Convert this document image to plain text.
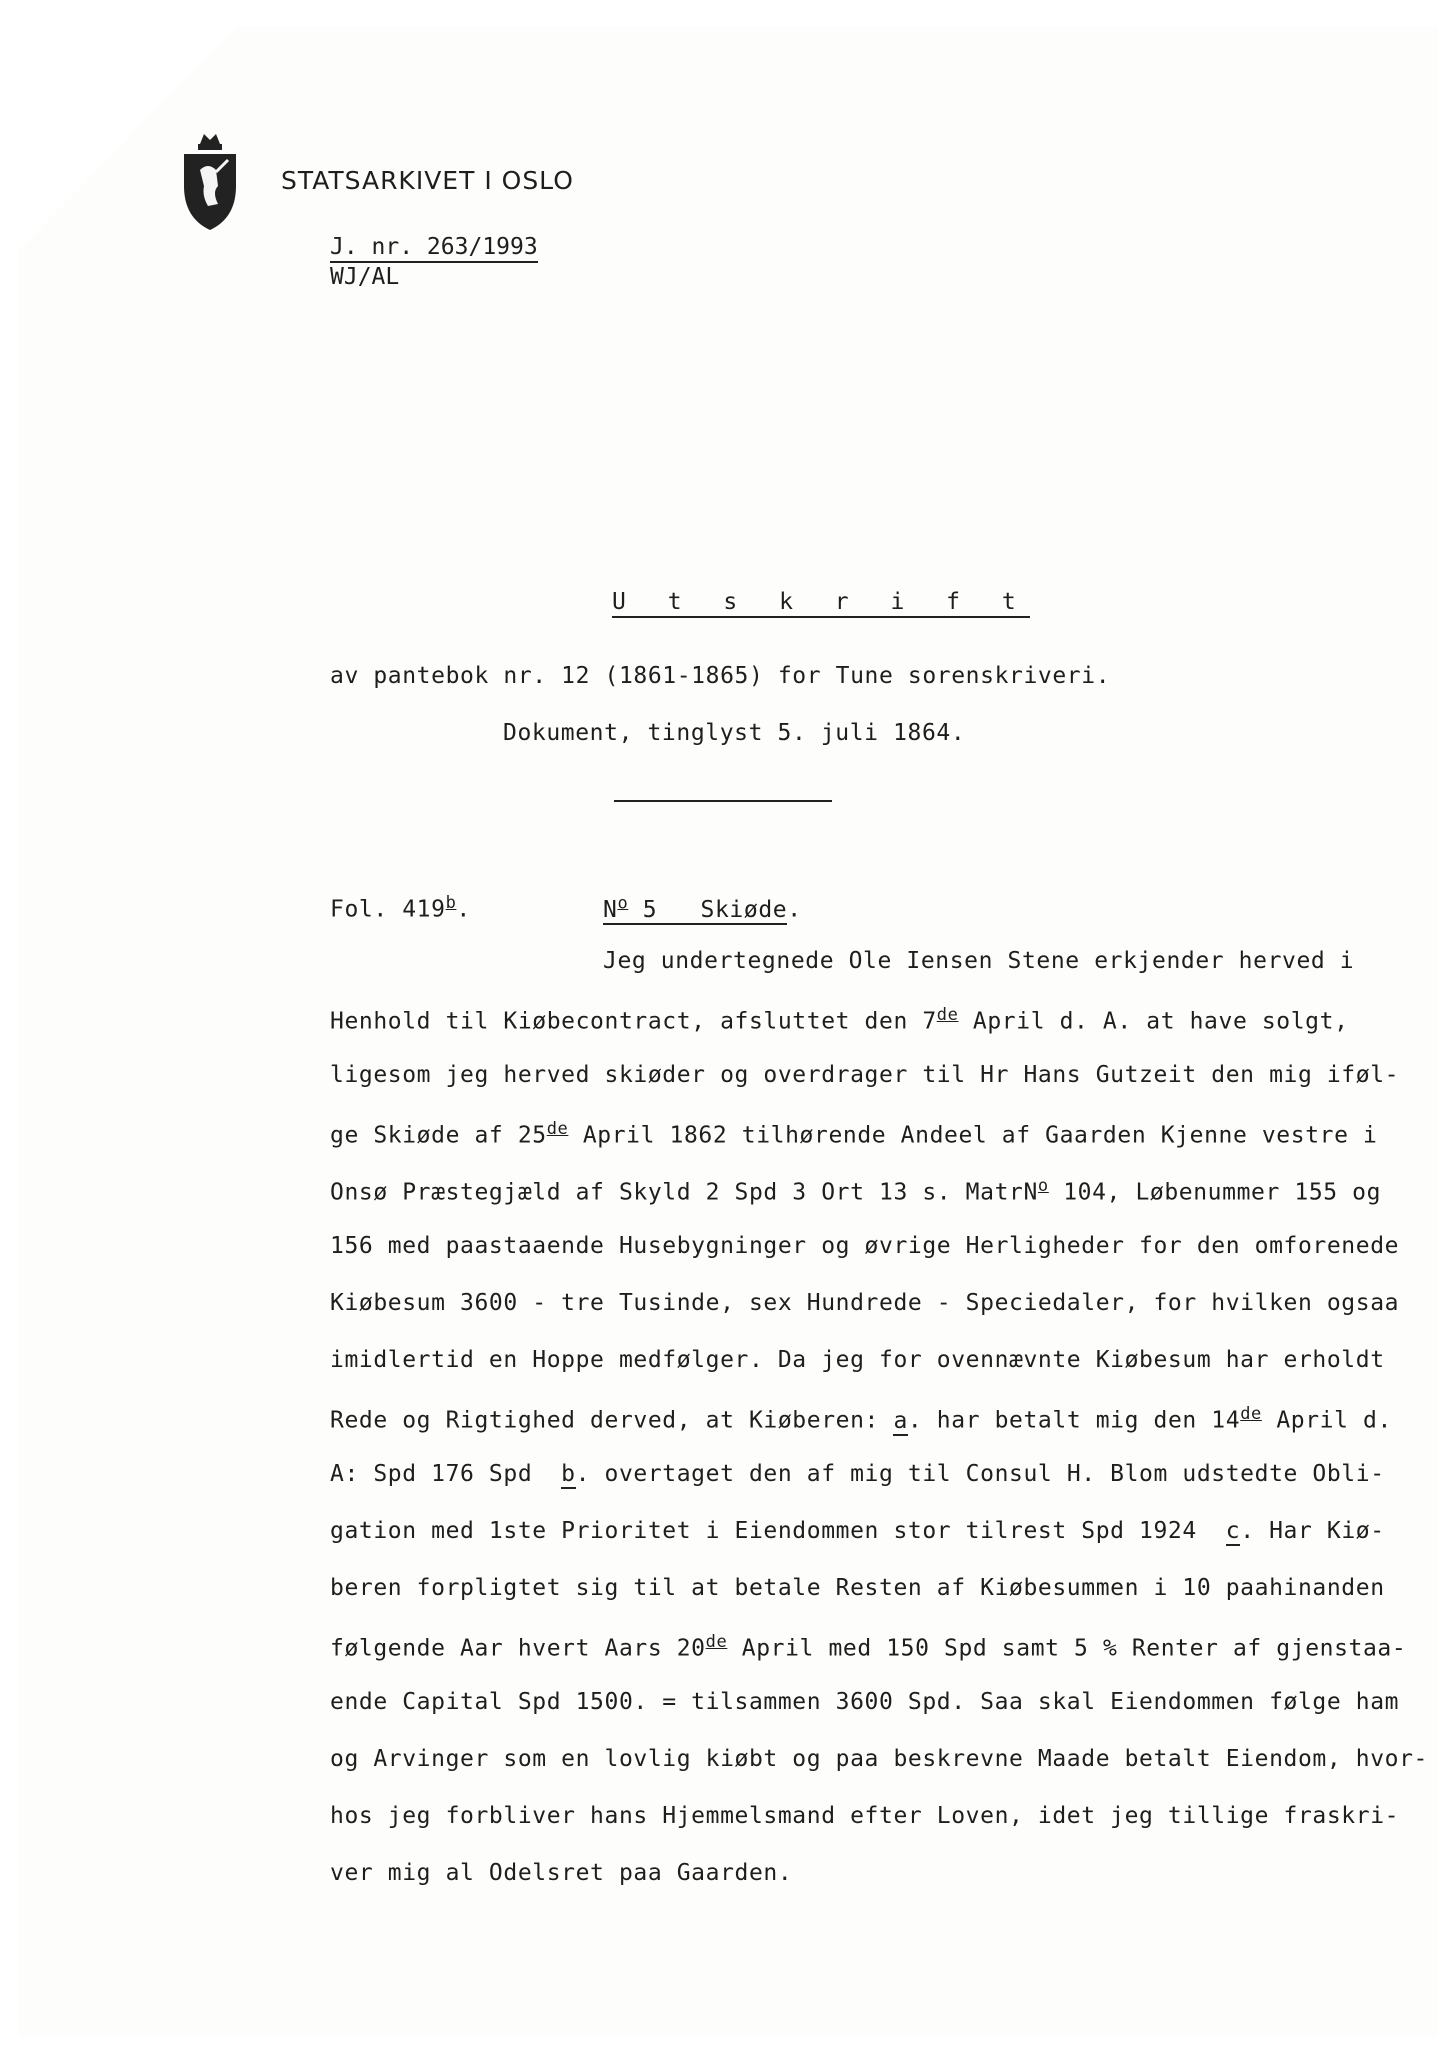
STATSARKIVET I OSLO
J. nr. 263/1993
WJ/AL
U t s k r i f t
av pantebok nr. 12 (1861-1865) for Tune sorenskriveri.
Dokument, tinglyst 5. juli 1864.
Fol. 419$^b$.	$N^o$ 5   Skiøde.
Jeg undertegnede Ole Iensen Stene erkjender herved i
Henhold til Kiøbecontract, afsluttet den 7de April d. A. at have solgt,
ligesom jeg herved skiøder og overdrager til Hr Hans Gutzeit den mig iføl-
ge Skiøde af 25de April 1862 tilhørende Andeel af Gaarden Kjenne vestre i
Onsø Præstegjæld af Skyld 2 Spd 3 Ort 13 s. MatrN$^o$ 104, Løbenummer 155 og
156 med paastaaende Husebygninger og øvrige Herligheder for den omforenede
Kiøbesum 3600 - tre Tusinde, sex Hundrede - Speciedaler, for hvilken ogsaa
imidlertid en Hoppe medfølger. Da jeg for ovennævnte Kiøbesum har erholdt
Rede og Rigtighed derved, at Kiøberen: a. har betalt mig den 14de April d.
A: Spd 176 Spd  b. overtaget den af mig til Consul H. Blom udstedte Obli-
gation med 1ste Prioritet i Eiendommen stor tilrest Spd 1924  c. Har Kiø-
beren forpligtet sig til at betale Resten af Kiøbesummen i 10 paahinanden
følgende Aar hvert Aars 20de April med 150 Spd samt 5 % Renter af gjenstaa-
ende Capital Spd 1500. = tilsammen 3600 Spd. Saa skal Eiendommen følge ham
og Arvinger som en lovlig kiøbt og paa beskrevne Maade betalt Eiendom, hvor-
hos jeg forbliver hans Hjemmelsmand efter Loven, idet jeg tillige fraskri-
ver mig al Odelsret paa Gaarden.
